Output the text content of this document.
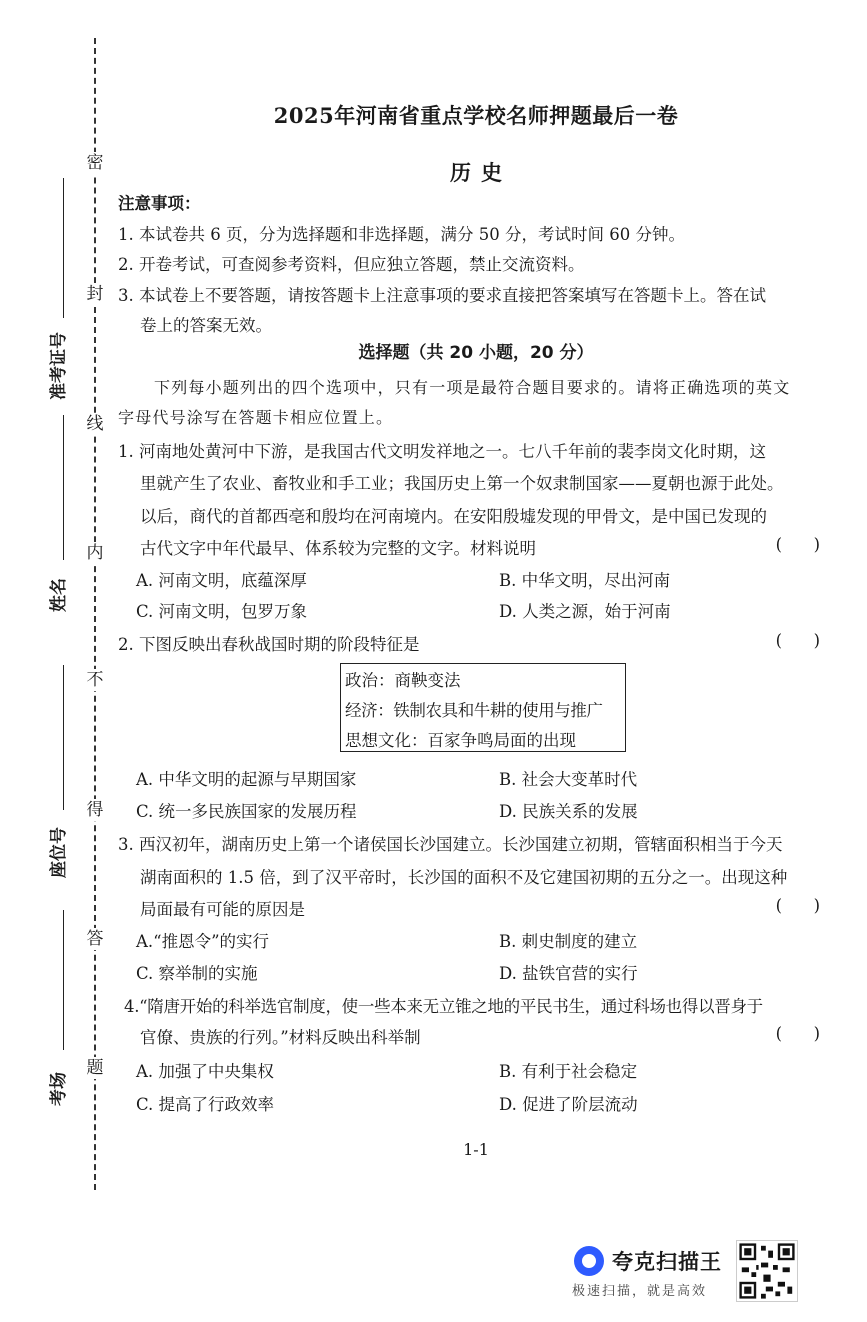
密
封
线
内
不
得
答
题
准考证号
姓名
座位号
考场
2025年河南省重点学校名师押题最后一卷
历史
注意事项：
1. 本试卷共 6 页，分为选择题和非选择题，满分 50 分，考试时间 60 分钟。
2. 开卷考试，可查阅参考资料，但应独立答题，禁止交流资料。
3. 本试卷上不要答题，请按答题卡上注意事项的要求直接把答案填写在答题卡上。答在试
卷上的答案无效。
选择题（共 20 小题，20 分）
下列每小题列出的四个选项中，只有一项是最符合题目要求的。请将正确选项的英文
字母代号涂写在答题卡相应位置上。
1. 河南地处黄河中下游，是我国古代文明发祥地之一。七八千年前的裴李岗文化时期，这
里就产生了农业、畜牧业和手工业；我国历史上第一个奴隶制国家——夏朝也源于此处。
以后，商代的首都西亳和殷均在河南境内。在安阳殷墟发现的甲骨文，是中国已发现的
古代文字中年代最早、体系较为完整的文字。材料说明	(      )
A. 河南文明，底蕴深厚	B. 中华文明，尽出河南
C. 河南文明，包罗万象	D. 人类之源，始于河南
2. 下图反映出春秋战国时期的阶段特征是	(      )
政治：商鞅变法
经济：铁制农具和牛耕的使用与推广
思想文化：百家争鸣局面的出现
A. 中华文明的起源与早期国家	B. 社会大变革时代
C. 统一多民族国家的发展历程	D. 民族关系的发展
3. 西汉初年，湖南历史上第一个诸侯国长沙国建立。长沙国建立初期，管辖面积相当于今天
湖南面积的 1.5 倍，到了汉平帝时，长沙国的面积不及它建国初期的五分之一。出现这种
局面最有可能的原因是	(      )
A.“推恩令”的实行	B. 刺史制度的建立
C. 察举制的实施	D. 盐铁官营的实行
4.“隋唐开始的科举选官制度，使一些本来无立锥之地的平民书生，通过科场也得以晋身于
官僚、贵族的行列。”材料反映出科举制	(      )
A. 加强了中央集权	B. 有利于社会稳定
C. 提高了行政效率	D. 促进了阶层流动
1-1
夸克扫描王
极速扫描，就是高效
